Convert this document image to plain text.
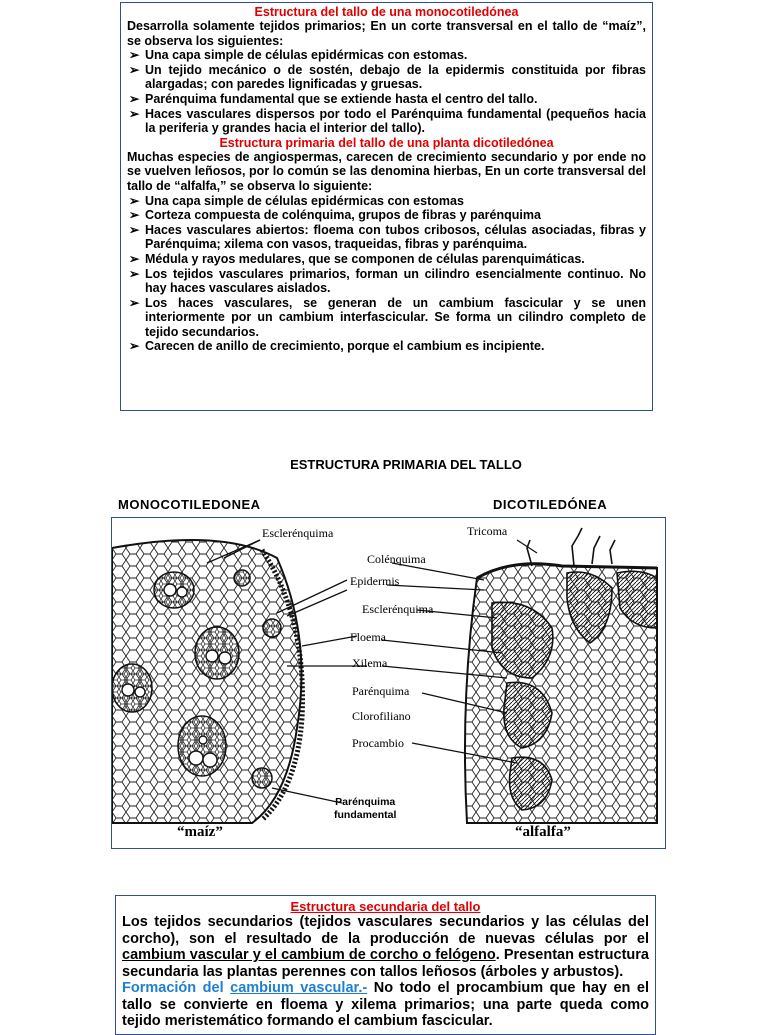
Estructura del tallo de una monocotiledónea

Desarrolla solamente tejidos primarios; En un corte transversal en el tallo de “maíz”, se observa los siguientes:

➢ Una capa simple de células epidérmicas con estomas.
➢ Un tejido mecánico o de sostén, debajo de la epidermis constituida por fibras alargadas; con paredes lignificadas y gruesas.
➢ Parénquima fundamental que se extiende hasta el centro del tallo.
➢ Haces vasculares dispersos por todo el Parénquima fundamental (pequeños hacia la periferia y grandes hacia el interior del tallo).
Estructura primaria del tallo de una planta dicotiledónea

Muchas especies de angiospermas, carecen de crecimiento secundario y por ende no se vuelven leñosos, por lo común se las denomina hierbas, En un corte transversal del tallo de “alfalfa,” se observa lo siguiente:

➢ Una capa simple de células epidérmicas con estomas
➢ Corteza compuesta de colénquima, grupos de fibras y parénquima
➢ Haces vasculares abiertos: floema con tubos cribosos, células asociadas, fibras y Parénquima; xilema con vasos, traqueidas, fibras y parénquima.
➢ Médula y rayos medulares, que se componen de células parenquimáticas.
➢ Los tejidos vasculares primarios, forman un cilindro esencialmente continuo. No hay haces vasculares aislados.
➢ Los haces vasculares, se generan de un cambium fascicular y se unen interiormente por un cambium interfascicular. Se forma un cilindro completo de tejido secundarios.
➢ Carecen de anillo de crecimiento, porque el cambium es incipiente.
ESTRUCTURA PRIMARIA DEL TALLO
MONOCOTILEDONEA	DICOTILEDÓNEA
Esclerénquima	Tricoma
Colénquima
Epidermis
Esclerénquima
Floema
Xilema
Parénquima
Clorofiliano
Procambio
Parénquima
fundamental
“maíz”	“alfalfa”
Estructura secundaria del tallo

Los tejidos secundarios (tejidos vasculares secundarios y las células del corcho), son el resultado de la producción de nuevas células por el cambium vascular y el cambium de corcho o felógeno. Presentan estructura secundaria las plantas perennes con tallos leñosos (árboles y arbustos).

Formación del cambium vascular.- No todo el procambium que hay en el tallo se convierte en floema y xilema primarios; una parte queda como tejido meristemático formando el cambium fascicular.
